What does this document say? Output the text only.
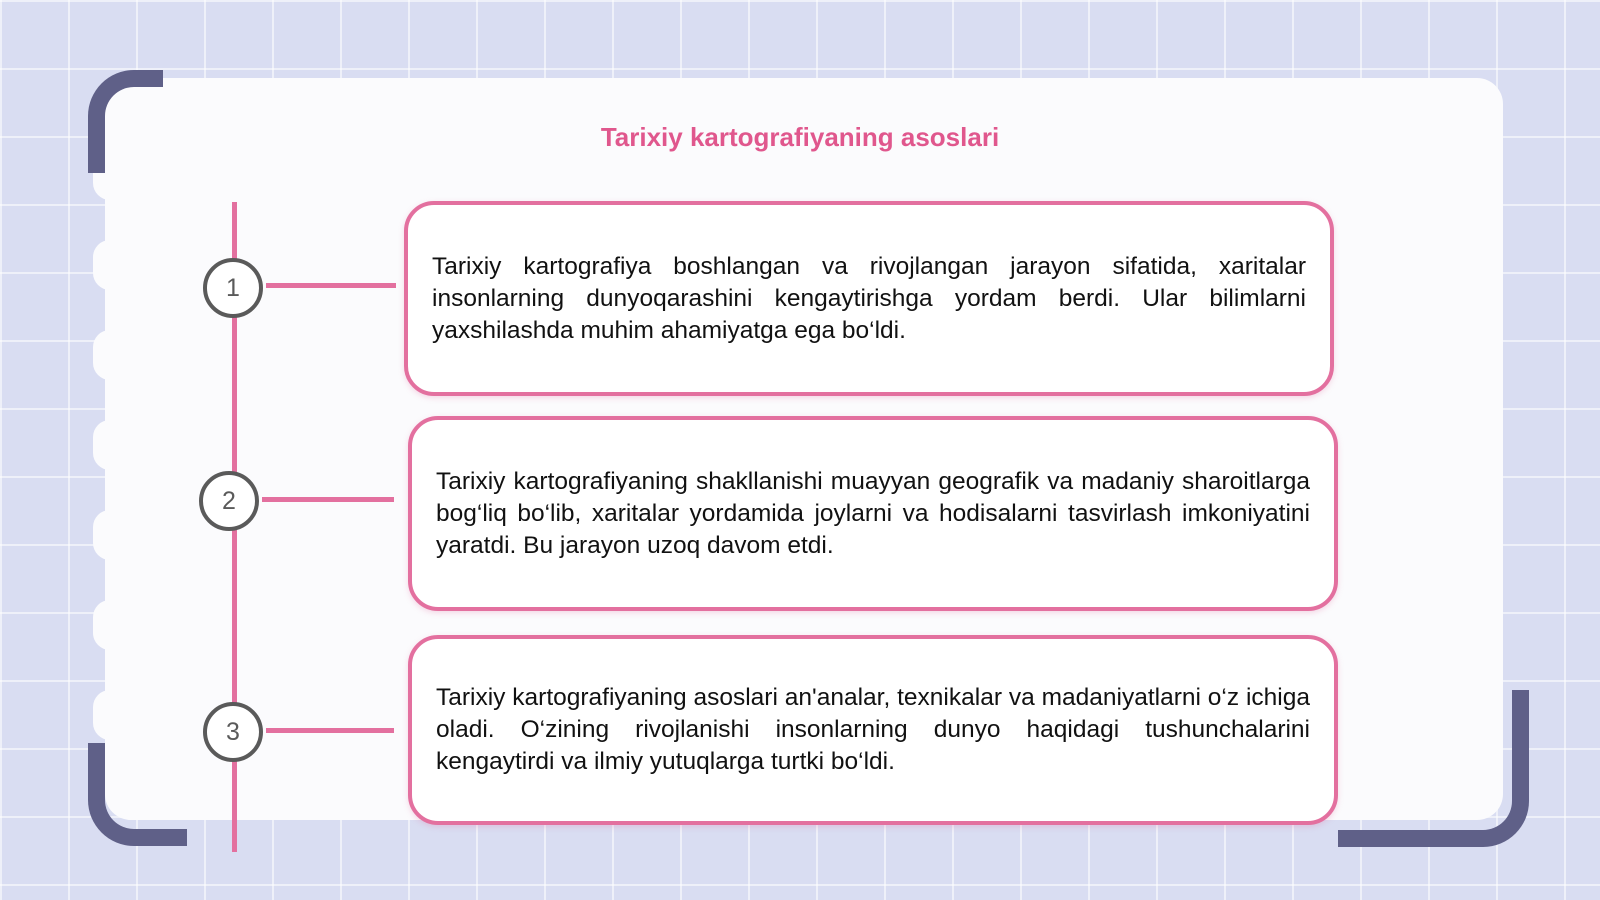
Tarixiy kartografiyaning asoslari
1

Tarixiy kartografiya boshlangan va rivojlangan jarayon sifatida, xaritalar insonlarning dunyoqarashini kengaytirishga yordam berdi. Ular bilimlarni yaxshilashda muhim ahamiyatga ega bo‘ldi.

2

Tarixiy kartografiyaning shakllanishi muayyan geografik va madaniy sharoitlarga bog‘liq bo‘lib, xaritalar yordamida joylarni va hodisalarni tasvirlash imkoniyatini yaratdi. Bu jarayon uzoq davom etdi.

3

Tarixiy kartografiyaning asoslari an'analar, texnikalar va madaniyatlarni o‘z ichiga oladi. O‘zining rivojlanishi insonlarning dunyo haqidagi tushunchalarini kengaytirdi va ilmiy yutuqlarga turtki bo‘ldi.
